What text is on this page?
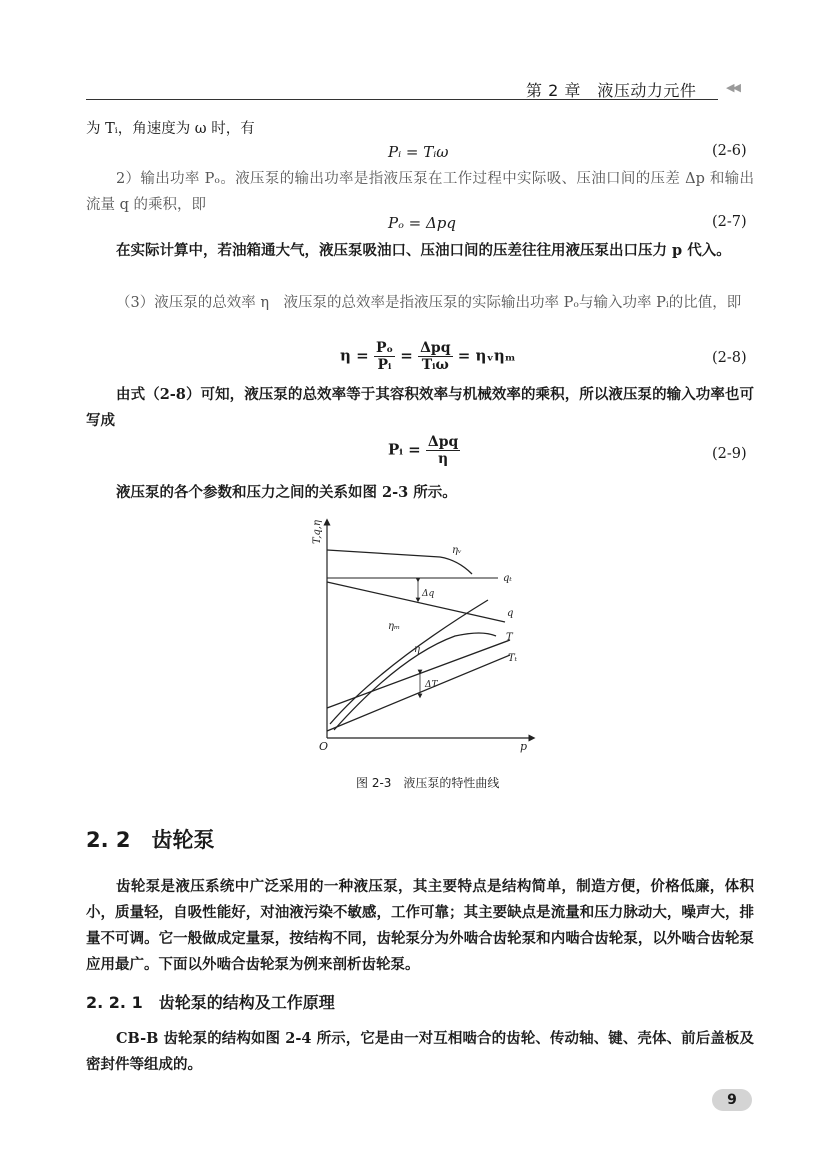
第 2 章　液压动力元件	◀◀

为 Tᵢ，角速度为 ω 时，有

Pᵢ = Tᵢω	(2-6)

2）输出功率 Pₒ。液压泵的输出功率是指液压泵在工作过程中实际吸、压油口间的压差 Δp 和输出流量 q 的乘积，即

Pₒ = Δpq	(2-7)

在实际计算中，若油箱通大气，液压泵吸油口、压油口间的压差往往用液压泵出口压力 p 代入。

（3）液压泵的总效率 η　 液压泵的总效率是指液压泵的实际输出功率 Pₒ与输入功率 Pᵢ的比值，即

$\eta = \frac{\text{Pₒ}}{\text{Pᵢ}} = \frac{\text{Δpq}}{\text{Tᵢω}}$ = ηᵥηₘ	(2-8)

由式（2-8）可知，液压泵的总效率等于其容积效率与机械效率的乘积，所以液压泵的输入功率也可写成

Pᵢ = $\frac{\text{Δpq}}{\eta}$	(2-9)

液压泵的各个参数和压力之间的关系如图 2-3 所示。

T,q,η
p
O
ηᵥ
qₜ
Δq
q
ηₘ
η
T
Tₜ
ΔT
图 2-3　液压泵的特性曲线
2. 2　齿轮泵

齿轮泵是液压系统中广泛采用的一种液压泵，其主要特点是结构简单，制造方便，价格低廉，体积小，质量轻，自吸性能好，对油液污染不敏感，工作可靠；其主要缺点是流量和压力脉动大，噪声大，排量不可调。它一般做成定量泵，按结构不同，齿轮泵分为外啮合齿轮泵和内啮合齿轮泵，以外啮合齿轮泵应用最广。下面以外啮合齿轮泵为例来剖析齿轮泵。

2. 2. 1　齿轮泵的结构及工作原理

CB-B 齿轮泵的结构如图 2-4 所示，它是由一对互相啮合的齿轮、传动轴、键、壳体、前后盖板及密封件等组成的。

9
